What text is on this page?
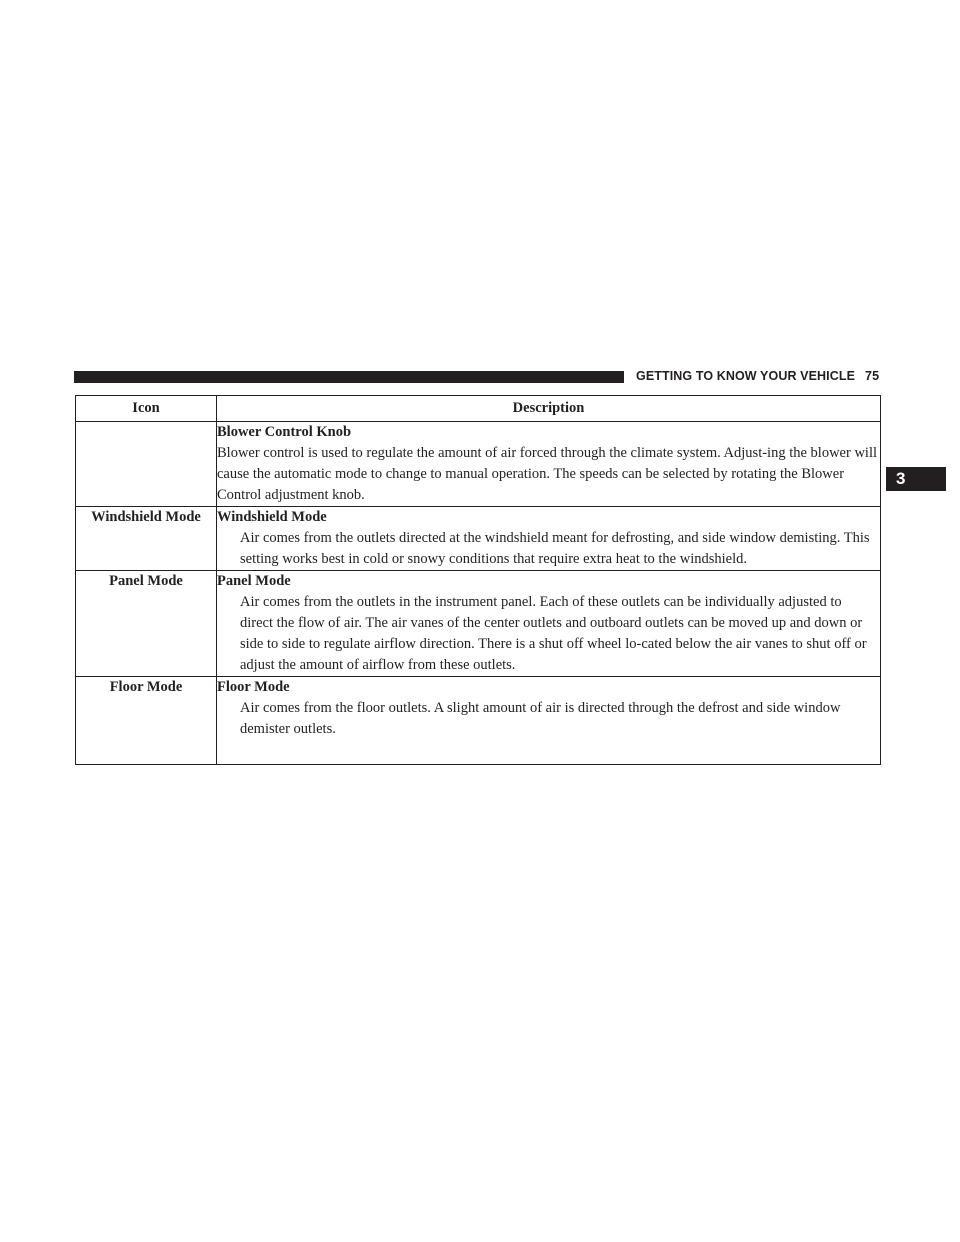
GETTING TO KNOW YOUR VEHICLE 75
3
Icon	Description

	Blower Control Knob
Blower control is used to regulate the amount of air forced through the climate system. Adjust-ing the blower will cause the automatic mode to change to manual operation. The speeds can be selected by rotating the Blower Control adjustment knob.

Windshield Mode	Windshield Mode
Air comes from the outlets directed at the windshield meant for defrosting, and side window demisting. This setting works best in cold or snowy conditions that require extra heat to the windshield.

Panel Mode	Panel Mode
Air comes from the outlets in the instrument panel. Each of these outlets can be individually adjusted to direct the flow of air. The air vanes of the center outlets and outboard outlets can be moved up and down or side to side to regulate airflow direction. There is a shut off wheel lo-cated below the air vanes to shut off or adjust the amount of airflow from these outlets.

Floor Mode	Floor Mode
Air comes from the floor outlets. A slight amount of air is directed through the defrost and side window demister outlets.
